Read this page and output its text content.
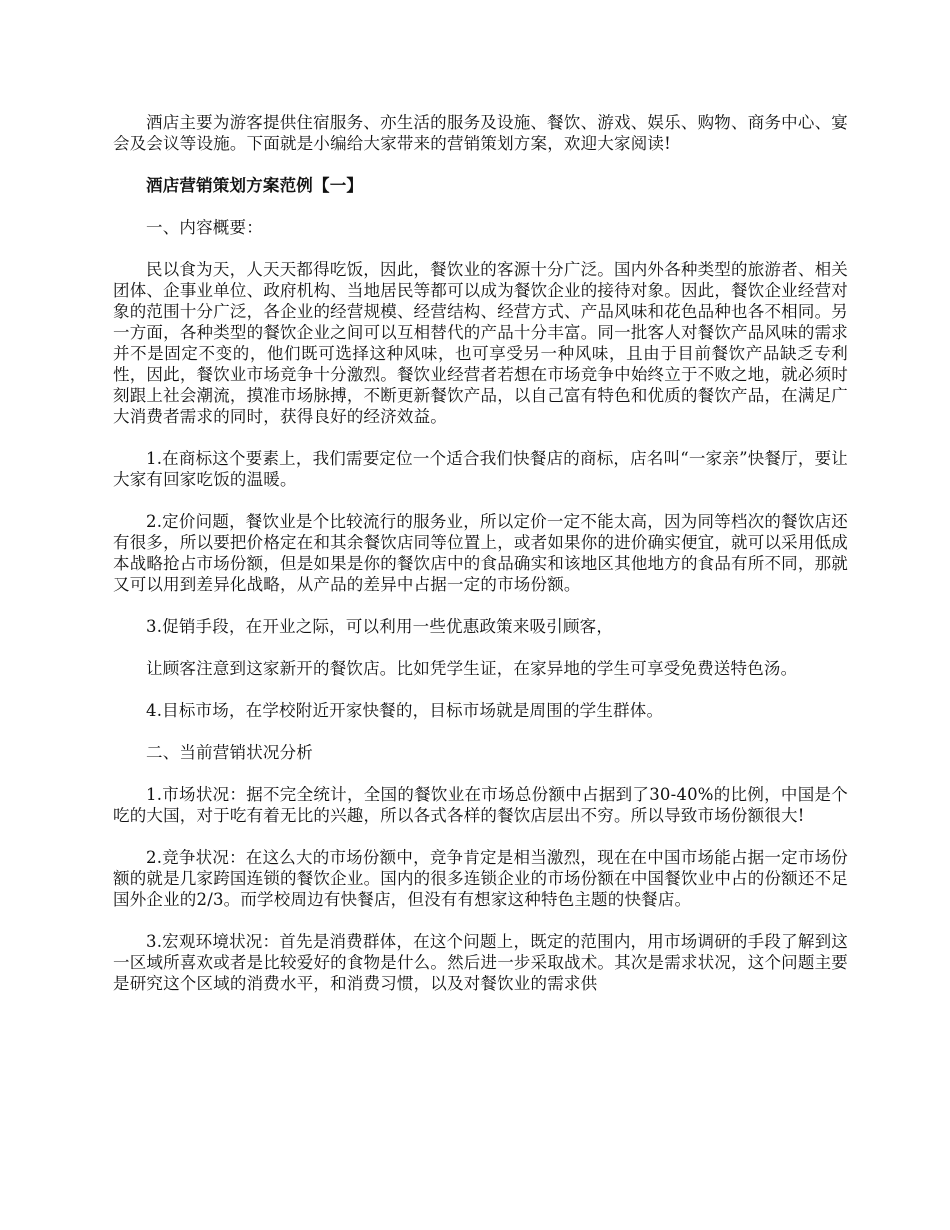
酒店主要为游客提供住宿服务、亦生活的服务及设施、餐饮、游戏、娱乐、购物、商务中心、宴会及会议等设施。下面就是小编给大家带来的营销策划方案，欢迎大家阅读!

酒店营销策划方案范例【一】

一、内容概要：

民以食为天，人天天都得吃饭，因此，餐饮业的客源十分广泛。国内外各种类型的旅游者、相关团体、企事业单位、政府机构、当地居民等都可以成为餐饮企业的接待对象。因此，餐饮企业经营对象的范围十分广泛，各企业的经营规模、经营结构、经营方式、产品风味和花色品种也各不相同。另一方面，各种类型的餐饮企业之间可以互相替代的产品十分丰富。同一批客人对餐饮产品风味的需求并不是固定不变的，他们既可选择这种风味，也可享受另一种风味，且由于目前餐饮产品缺乏专利性，因此，餐饮业市场竞争十分激烈。餐饮业经营者若想在市场竞争中始终立于不败之地，就必须时刻跟上社会潮流，摸准市场脉搏，不断更新餐饮产品，以自己富有特色和优质的餐饮产品，在满足广大消费者需求的同时，获得良好的经济效益。

1.在商标这个要素上，我们需要定位一个适合我们快餐店的商标，店名叫“一家亲”快餐厅，要让大家有回家吃饭的温暖。

2.定价问题，餐饮业是个比较流行的服务业，所以定价一定不能太高，因为同等档次的餐饮店还有很多，所以要把价格定在和其余餐饮店同等位置上，或者如果你的进价确实便宜，就可以采用低成本战略抢占市场份额，但是如果是你的餐饮店中的食品确实和该地区其他地方的食品有所不同，那就又可以用到差异化战略，从产品的差异中占据一定的市场份额。

3.促销手段，在开业之际，可以利用一些优惠政策来吸引顾客，

让顾客注意到这家新开的餐饮店。比如凭学生证，在家异地的学生可享受免费送特色汤。

4.目标市场，在学校附近开家快餐的，目标市场就是周围的学生群体。

二、当前营销状况分析

1.市场状况：据不完全统计，全国的餐饮业在市场总份额中占据到了30-40%的比例，中国是个吃的大国，对于吃有着无比的兴趣，所以各式各样的餐饮店层出不穷。所以导致市场份额很大!

2.竞争状况：在这么大的市场份额中，竞争肯定是相当激烈，现在在中国市场能占据一定市场份额的就是几家跨国连锁的餐饮企业。国内的很多连锁企业的市场份额在中国餐饮业中占的份额还不足国外企业的2/3。而学校周边有快餐店，但没有有想家这种特色主题的快餐店。

3.宏观环境状况：首先是消费群体，在这个问题上，既定的范围内，用市场调研的手段了解到这一区域所喜欢或者是比较爱好的食物是什么。然后进一步采取战术。其次是需求状况，这个问题主要是研究这个区域的消费水平，和消费习惯，以及对餐饮业的需求供
